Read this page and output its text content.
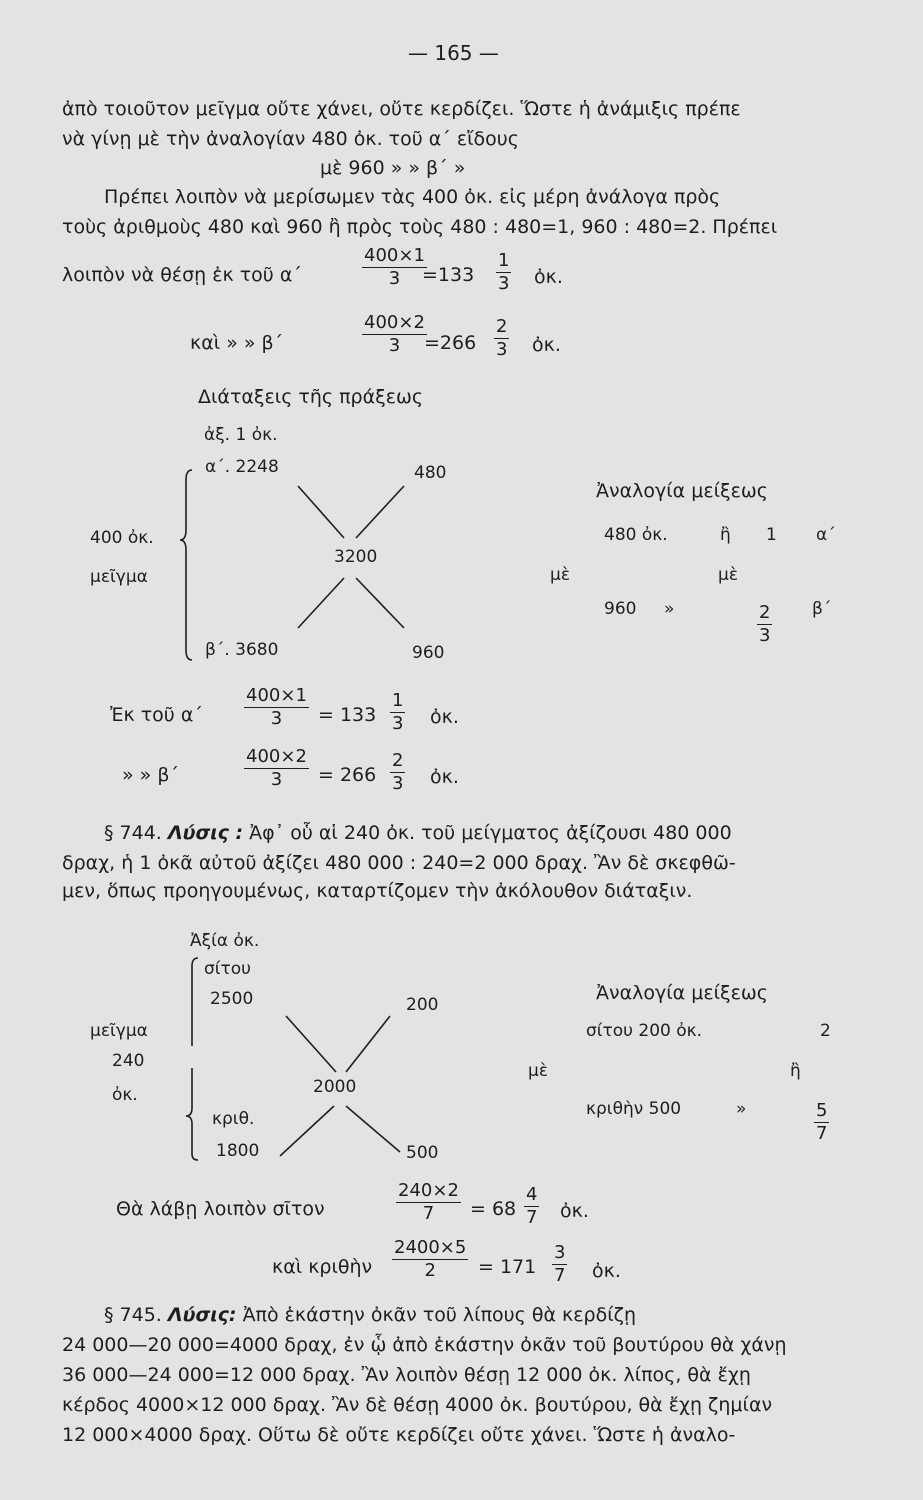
— 165 —
ἀπὸ τοιοῦτον μεῖγμα οὔτε χάνει, οὔτε κερδίζει. Ὥστε ἡ ἀνάμιξις πρέπε
νὰ γίνῃ μὲ τὴν ἀναλογίαν 480 ὀκ. τοῦ α΄ εἴδους
μὲ 960 » » β΄ »
Πρέπει λοιπὸν νὰ μερίσωμεν τὰς 400 ὀκ. εἰς μέρη ἀνάλογα πρὸς
τοὺς ἀριθμοὺς 480 καὶ 960 ἢ πρὸς τοὺς 480 : 480=1, 960 : 480=2. Πρέπει
λοιπὸν νὰ θέσῃ ἐκ τοῦ α΄	$\frac{400\times 1}{3}$
$=133 \frac{1}{3}$ ὀκ.
καὶ » » β΄	$\frac{400\times 2}{3}$
$=266 \frac{2}{3}$ ὀκ.
Διάταξεις τῆς πράξεως
ἀξ. 1 ὀκ.
α΄. 2248	480
3200
β΄. 3680	960
400 ὀκ.
μεῖγμα
Ἀναλογία μείξεως
480 ὀκ.	ἢ 1 α΄
μὲ	μὲ
960 »	$\frac{2}{3} \beta΄$
Ἐκ τοῦ $\alpha΄ \frac{400\times 1}{3} = 133 \frac{1}{3}$ ὀκ.
» » β΄	$\frac{400\times 2}{3} = 266 \frac{2}{3}$ ὀκ.
§ 744. Λύσις : Ἀφ᾽ οὗ αἱ 240 ὀκ. τοῦ μείγματος ἀξίζουσι 480 000
δραχ, ἡ 1 ὀκᾶ αὐτοῦ ἀξίζει 480 000 : 240=2 000 δραχ. Ἂν δὲ σκεφθῶ-
μεν, ὅπως προηγουμένως, καταρτίζομεν τὴν ἀκόλουθον διάταξιν.
Ἀξία ὀκ.
σίτου
2500	200
μεῖγμα
240
ὀκ.	2000
κριθ.
1800	500
Ἀναλογία μείξεως
σίτου 200 ὀκ.	2
μὲ	ἢ
κριθὴν 500	»	$\frac{5}{7}$
Θὰ λάβῃ λοιπὸν σῖτον	$\frac{240\times 2}{7} = 68 \frac{4}{7}$ ὀκ.
καὶ κριθὴν $\frac{2400\times 5}{2} = 171 \frac{3}{7}$ ὀκ.
§ 745. Λύσις: Ἀπὸ ἑκάστην ὀκᾶν τοῦ λίπους θὰ κερδίζῃ
24 000—20 000=4000 δραχ, ἐν ᾧ ἀπὸ ἑκάστην ὀκᾶν τοῦ βουτύρου θὰ χάνῃ
36 000—24 000=12 000 δραχ. Ἂν λοιπὸν θέσῃ 12 000 ὀκ. λίπος, θὰ ἔχῃ
κέρδος 4000×12 000 δραχ. Ἂν δὲ θέσῃ 4000 ὀκ. βουτύρου, θὰ ἔχῃ ζημίαν
12 000×4000 δραχ. Οὕτω δὲ οὔτε κερδίζει οὔτε χάνει. Ὥστε ἡ ἀναλο-
